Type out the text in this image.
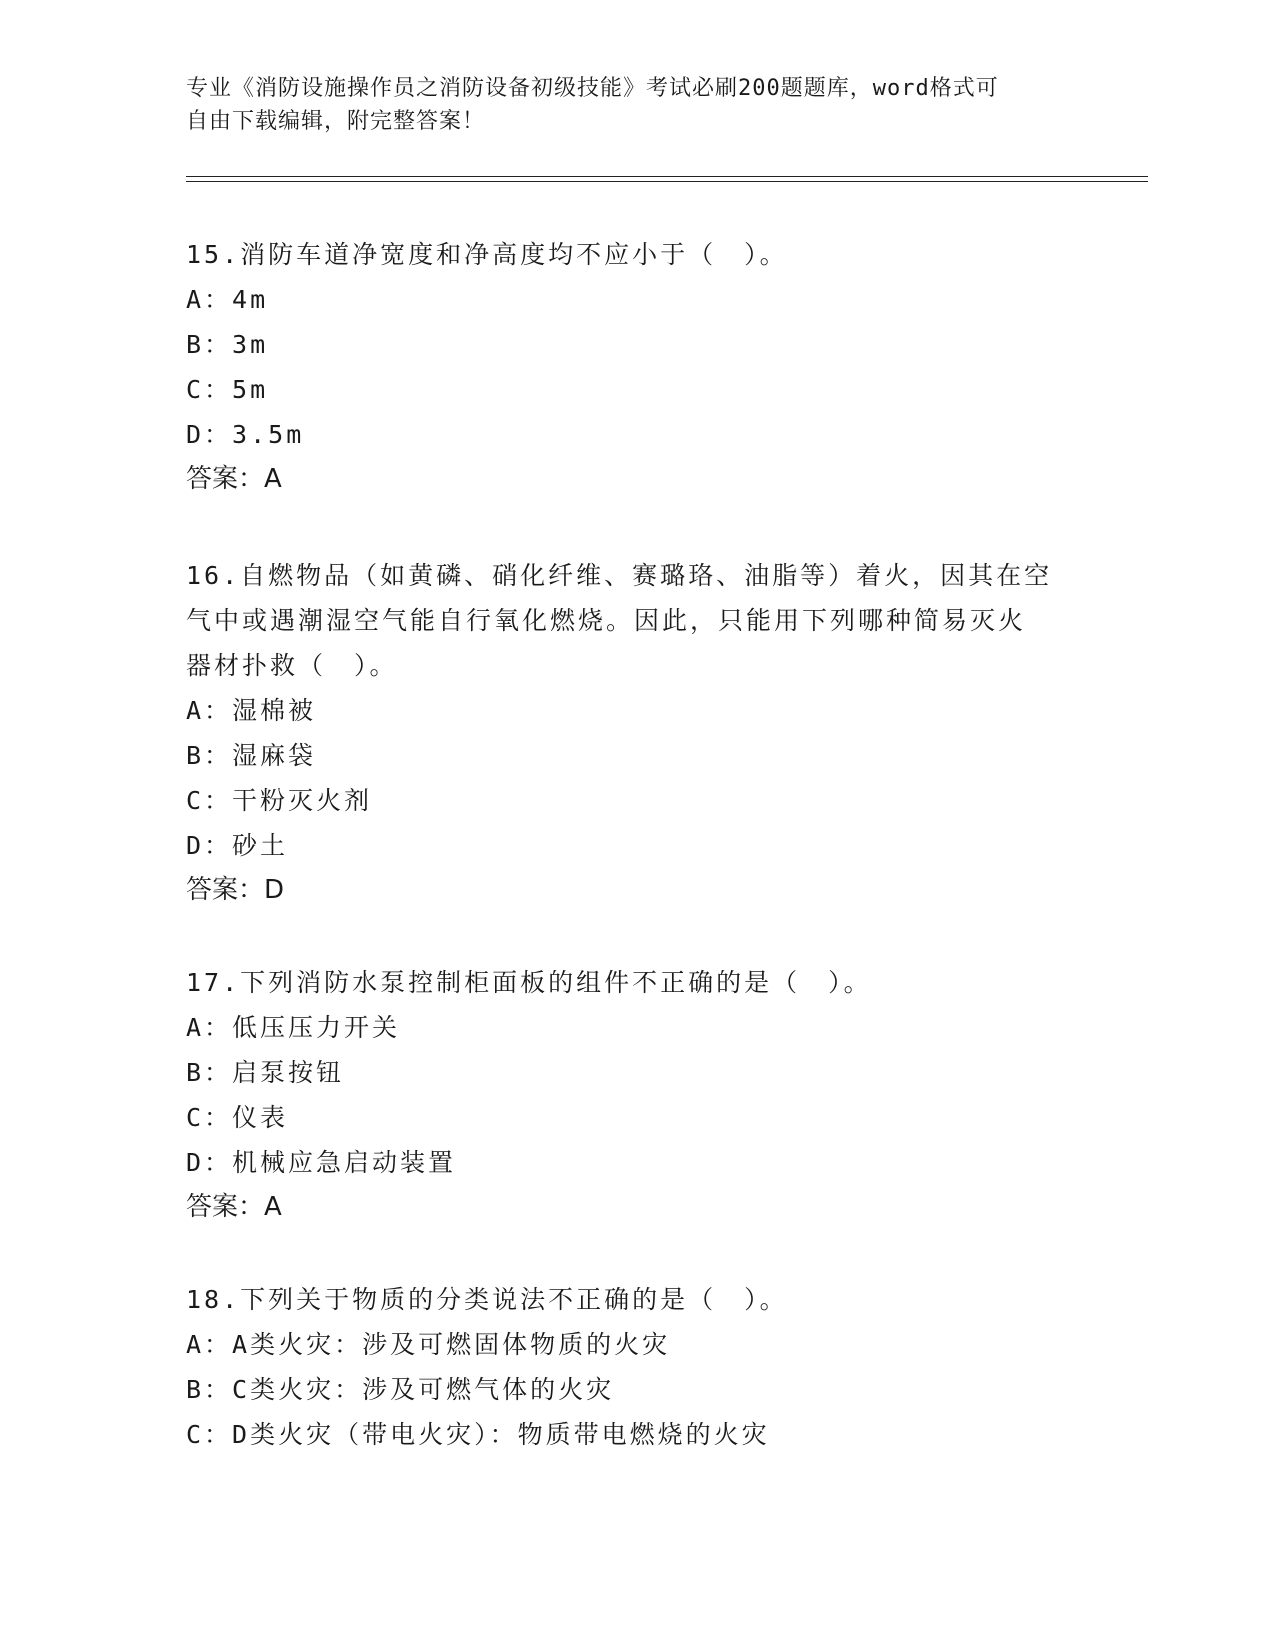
专业《消防设施操作员之消防设备初级技能》考试必刷200题题库，word格式可
自由下载编辑，附完整答案！

15.消防车道净宽度和净高度均不应小于（　）。

A：4m

B：3m

C：5m

D：3.5m

答案：A

16.自燃物品（如黄磷、硝化纤维、赛璐珞、油脂等）着火，因其在空

气中或遇潮湿空气能自行氧化燃烧。因此，只能用下列哪种简易灭火

器材扑救（　）。

A：湿棉被

B：湿麻袋

C：干粉灭火剂

D：砂土

答案：D

17.下列消防水泵控制柜面板的组件不正确的是（　）。

A：低压压力开关

B：启泵按钮

C：仪表

D：机械应急启动装置

答案：A

18.下列关于物质的分类说法不正确的是（　）。

A：A类火灾：涉及可燃固体物质的火灾

B：C类火灾：涉及可燃气体的火灾

C：D类火灾（带电火灾）：物质带电燃烧的火灾
